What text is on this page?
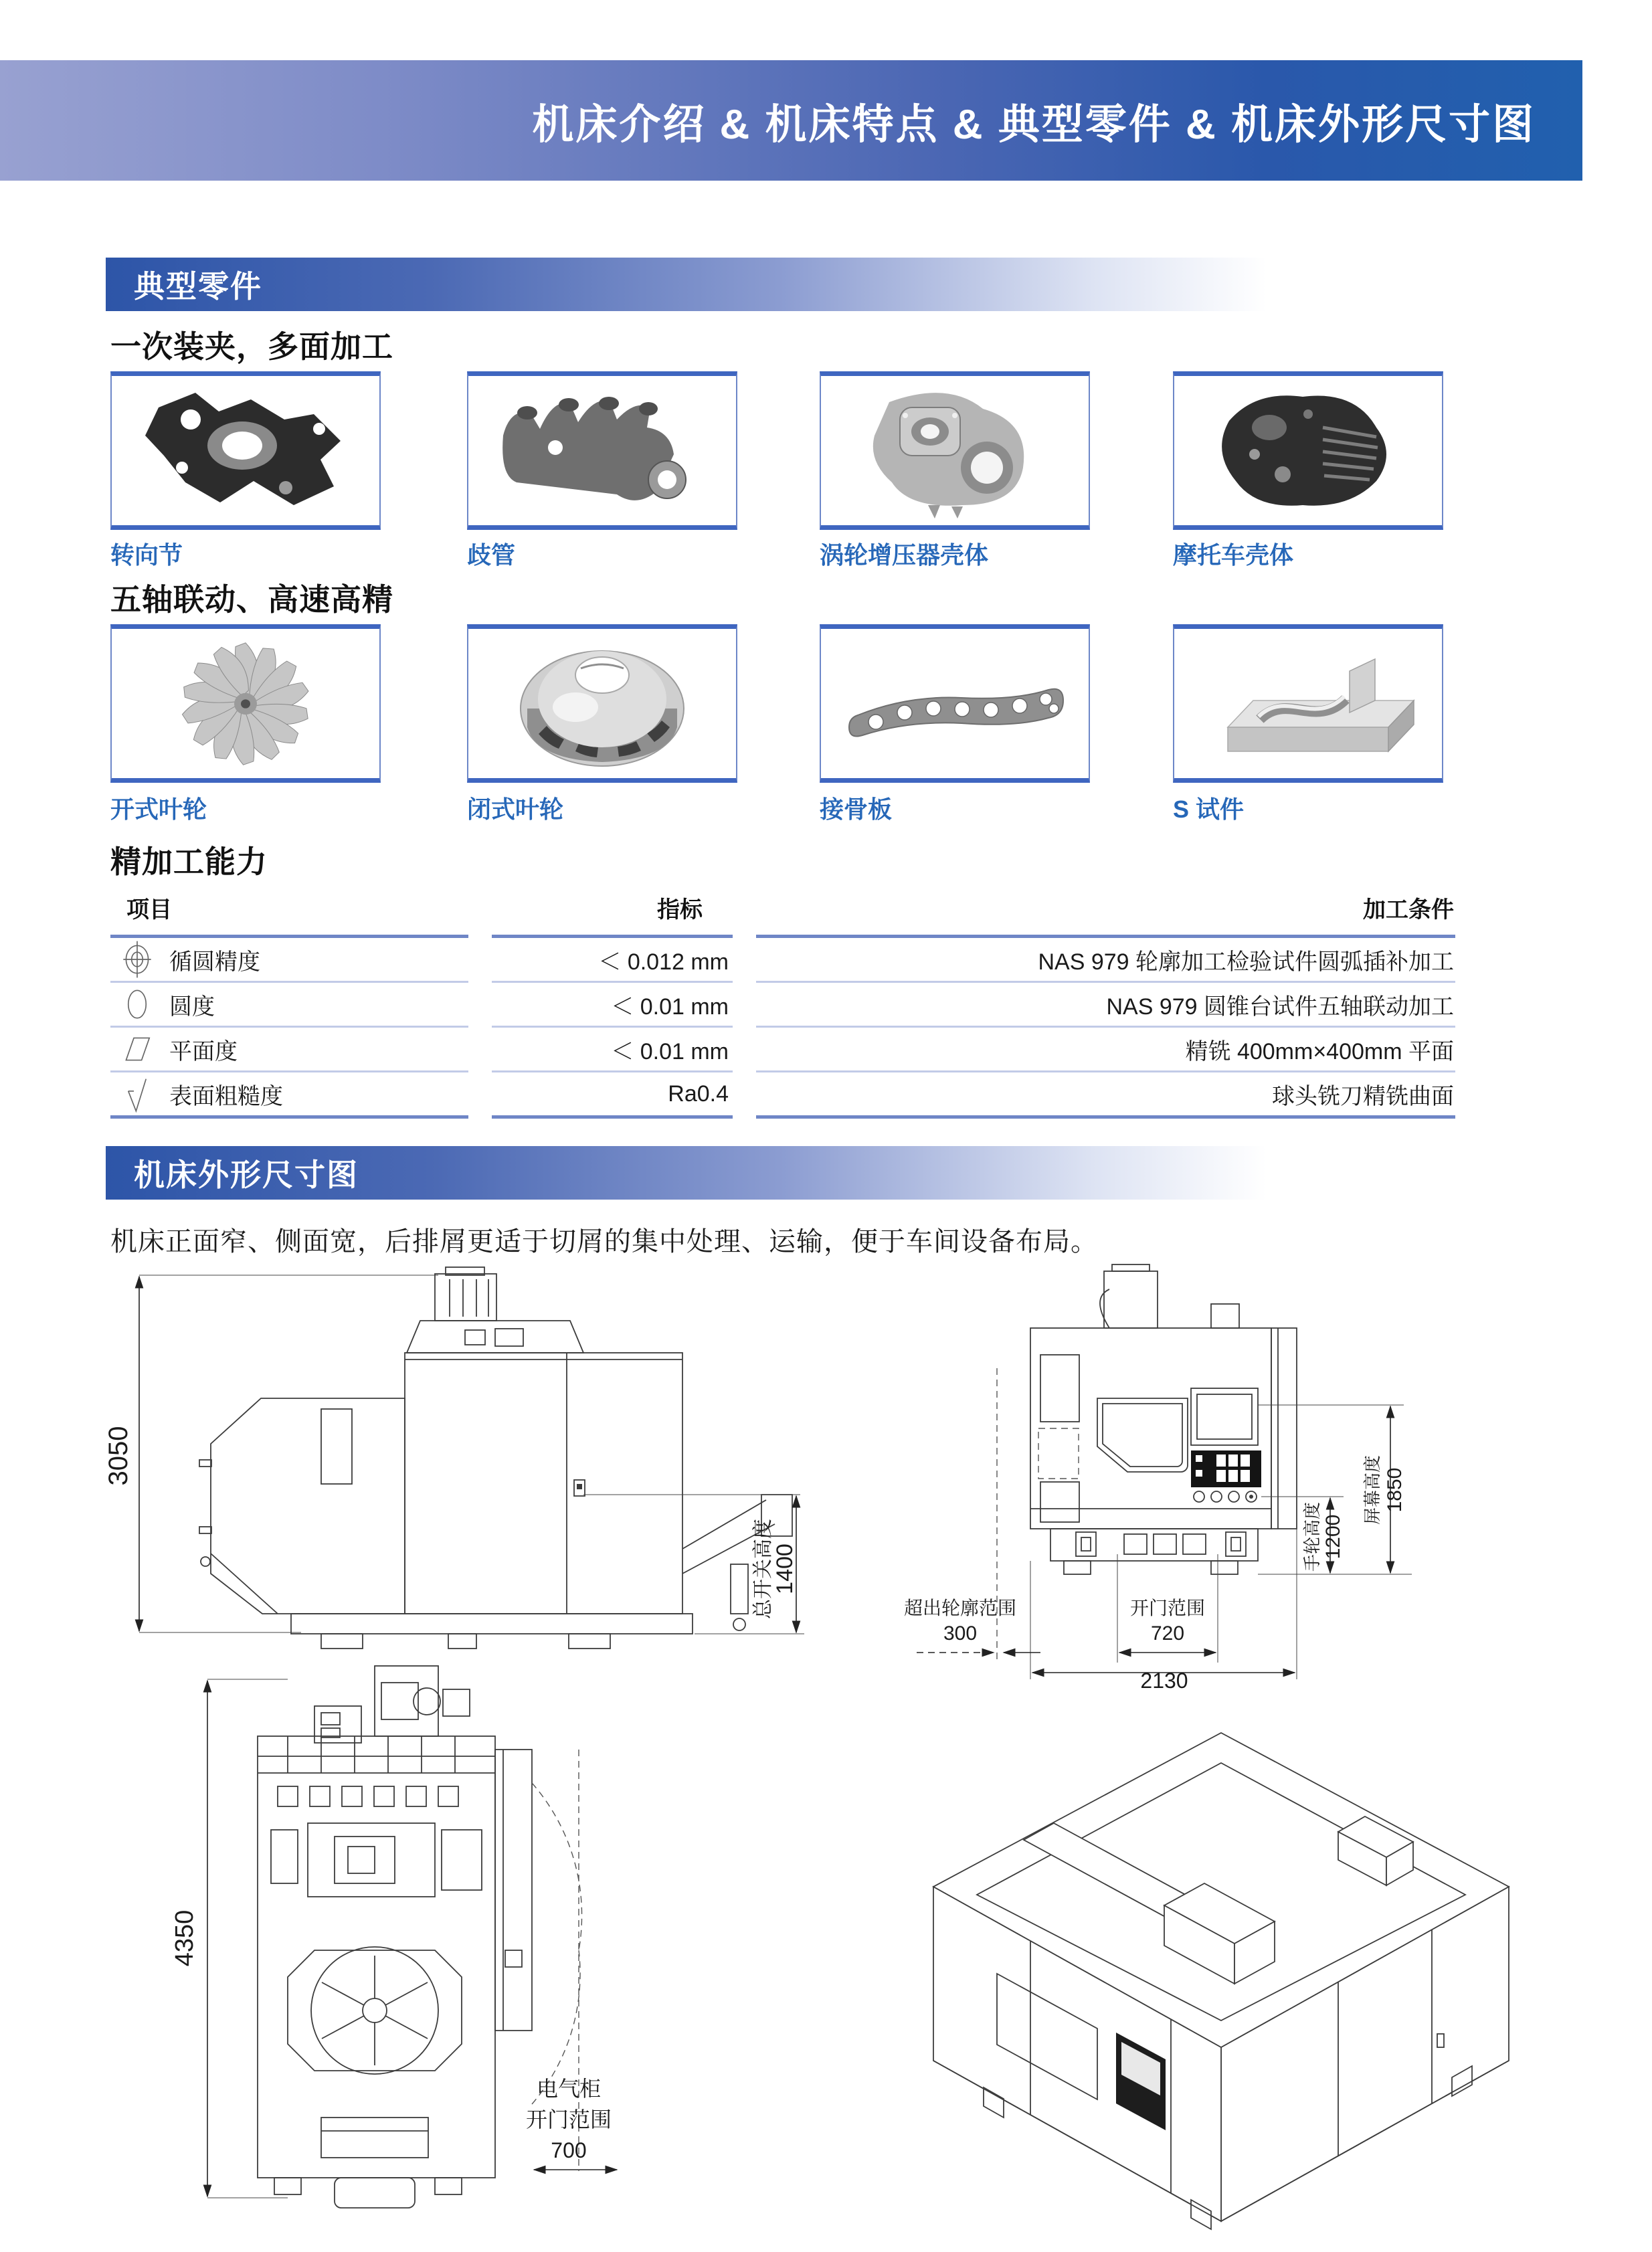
机床介绍 & 机床特点 & 典型零件 & 机床外形尺寸图
典型零件
一次装夹，多面加工
转向节	歧管	涡轮增压器壳体	摩托车壳体
五轴联动、高速高精
开式叶轮	闭式叶轮	接骨板	S 试件
精加工能力
项目	指标	加工条件
循圆精度	＜ 0.012 mm	NAS 979 轮廓加工检验试件圆弧插补加工
圆度	＜ 0.01 mm	NAS 979 圆锥台试件五轴联动加工
平面度	＜ 0.01 mm	精铣 400mm×400mm 平面
表面粗糙度	Ra0.4	球头铣刀精铣曲面
机床外形尺寸图
机床正面窄、侧面宽，后排屑更适于切屑的集中处理、运输，便于车间设备布局。
3050
总开关高度
1400	手轮高度 1200
屏幕高度 1850
超出轮廓范围
300
开门范围
720
2130
4350
电气柜
开门范围
700
